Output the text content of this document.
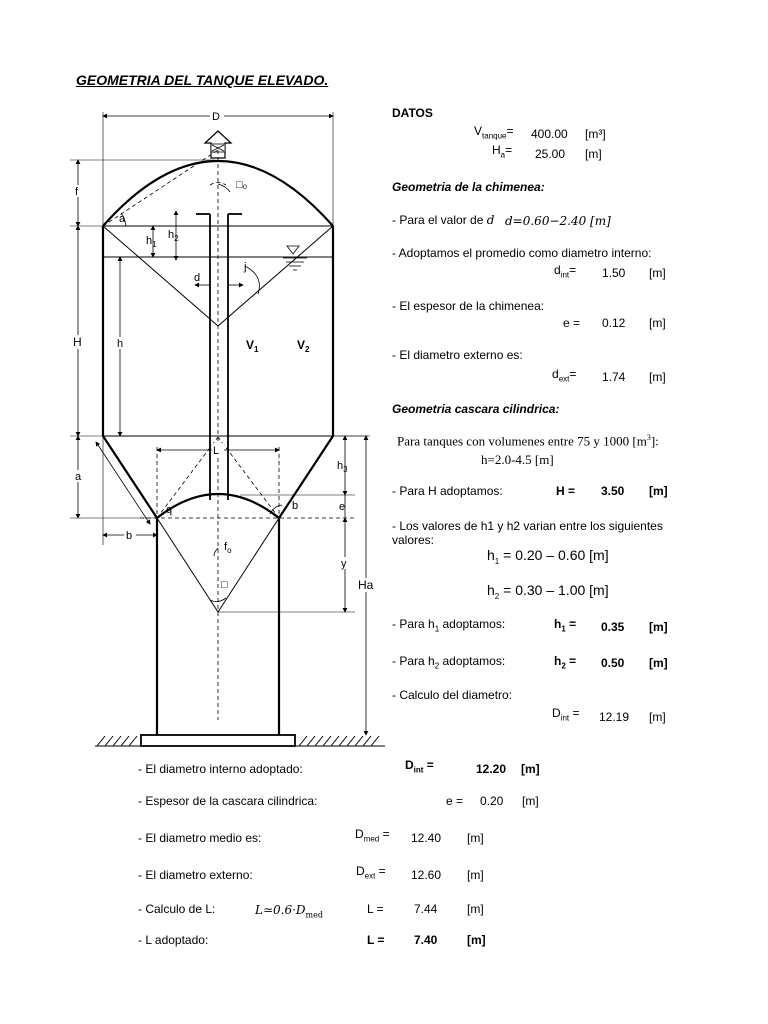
GEOMETRIA DEL TANQUE ELEVADO.
D
f
H
a
b
h
$h_1$
$h_2$
a
□₀
d
j
$V_1$	$V_2$
L
$h_3$
e
y
Ha
q	b
$f_o$
□
DATOS
$V_{tanque}= 400.00$ [m³]
$H_a= 25.00$ [m]
Geometria de la chimenea:
- Para el valor de d d=0.60−2.40 [m]
- Adoptamos el promedio como diametro interno:
$d_{int}= 1.50$ [m]
- El espesor de la chimenea:
e = 0.12 [m]
- El diametro externo es:
$d_{ext}= 1.74$ [m]
Geometria cascara cilindrica:
Para tanques con volumenes entre 75 y 1000 $[m^3]$:
h=2.0-4.5 [m]
- Para H adoptamos:	H = 3.50 [m]
- Los valores de h1 y h2 varian entre los siguientes
valores:
$h_1 = 0.20 - 0.60$ [m]
$h_2 = 0.30 - 1.00$ [m]
- Para $h_1$ adoptamos:	$h_1 = 0.35$ [m]
- Para $h_2$ adoptamos:	$h_2 = 0.50$ [m]
- Calculo del diametro:
$D_{int} = 12.19$ [m]
- El diametro interno adoptado:	$D_{int}$ =	12.20 [m]
- Espesor de la cascara cilindrica:	e = 0.20 [m]
- El diametro medio es:	$D_{med} = 12.40$ [m]
- El diametro externo:	$D_{ext} = 12.60$ [m]
- Calculo de L:	$L≃0.6\cdot D_{med}$	L =	7.44 [m]
- L adoptado:	L = 7.40 [m]
